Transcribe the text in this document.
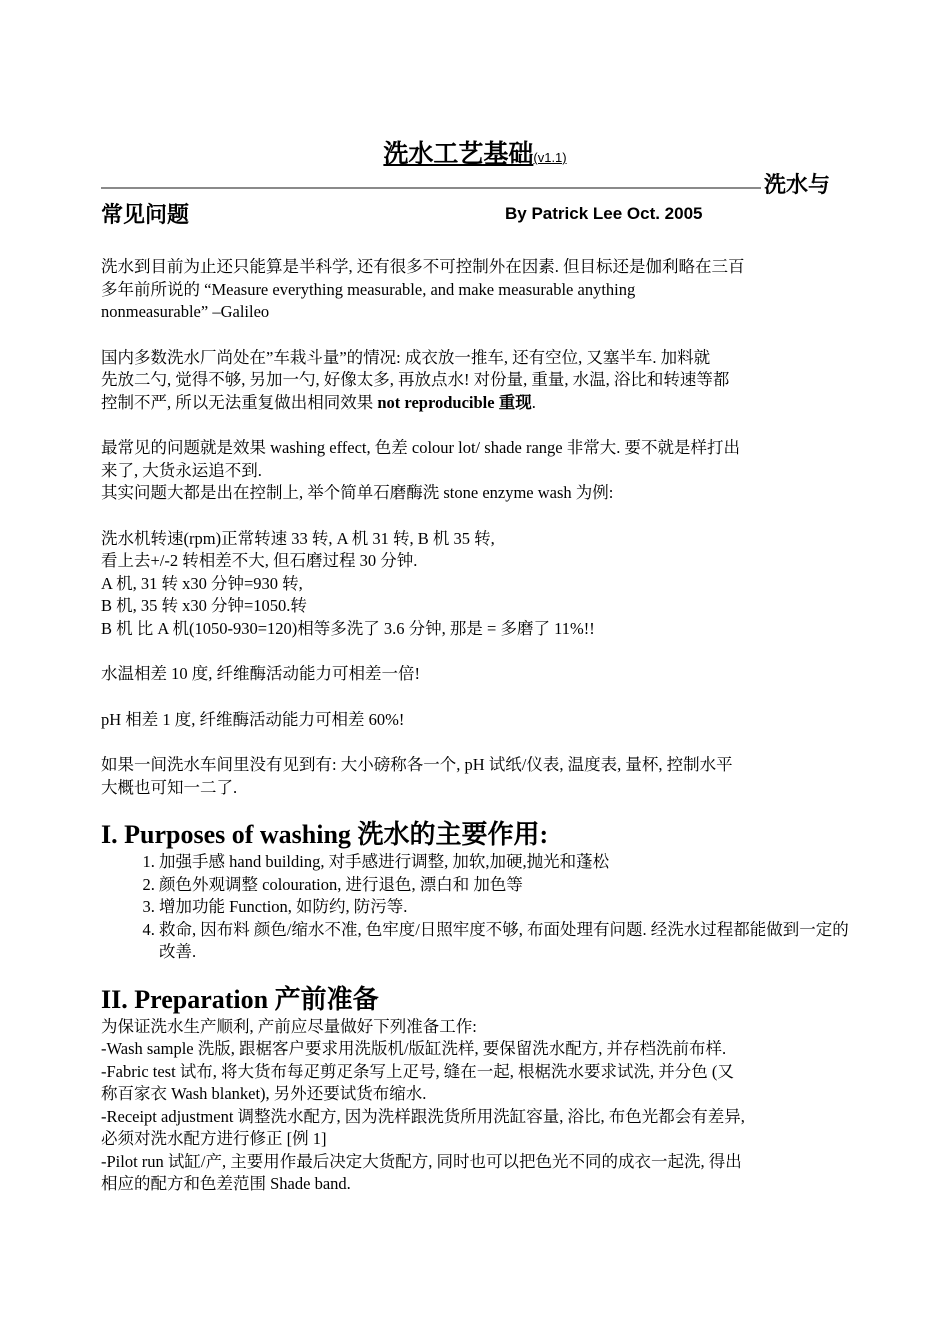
洗水工艺基础(v1.1)
洗水与
常见问题	By Patrick Lee Oct. 2005

洗水到目前为止还只能算是半科学, 还有很多不可控制外在因素. 但目标还是伽利略在三百
多年前所说的 “Measure everything measurable, and make measurable anything
nonmeasurable” –Galileo

国内多数洗水厂尚处在”车栽斗量”的情况: 成衣放一推车, 还有空位, 又塞半车. 加料就
先放二勺, 觉得不够, 另加一勺, 好像太多, 再放点水! 对份量, 重量, 水温, 浴比和转速等都
控制不严, 所以无法重复做出相同效果 not reproducible 重现.

最常见的问题就是效果 washing effect, 色差 colour lot/ shade range 非常大. 要不就是样打出
来了, 大货永运追不到.
其实问题大都是出在控制上, 举个简单石磨酶洗 stone enzyme wash 为例:

洗水机转速(rpm)正常转速 33 转, A 机 31 转, B 机 35 转,
看上去+/-2 转相差不大, 但石磨过程 30 分钟.
A 机, 31 转 x30 分钟=930 转,
B 机, 35 转 x30 分钟=1050.转
B 机 比 A 机(1050-930=120)相等多洗了 3.6 分钟, 那是 = 多磨了 11%!!

水温相差 10 度, 纤维酶活动能力可相差一倍!

pH 相差 1 度, 纤维酶活动能力可相差 60%!

如果一间洗水车间里没有见到有: 大小磅称各一个, pH 试纸/仪表, 温度表, 量杯, 控制水平
大概也可知一二了.

I. Purposes of washing 洗水的主要作用:
1. 加强手感 hand building, 对手感进行调整, 加软,加硬,抛光和蓬松
2. 颜色外观调整 colouration, 进行退色, 漂白和 加色等
3. 增加功能 Function, 如防约, 防污等.
4. 救命, 因布料 颜色/缩水不准, 色牢度/日照牢度不够, 布面处理有问题. 经洗水过程都能做到一定的改善.
II. Preparation 产前准备
为保证洗水生产顺利, 产前应尽量做好下列准备工作:
-Wash sample 洗版, 跟椐客户要求用洗版机/版缸洗样, 要保留洗水配方, 并存档洗前布样.
-Fabric test 试布, 将大货布每疋剪疋条写上疋号, 缝在一起, 根椐洗水要求试洗, 并分色 (又
称百家衣 Wash blanket), 另外还要试货布缩水.
-Receipt adjustment 调整洗水配方, 因为洗样跟洗货所用洗缸容量, 浴比, 布色光都会有差异,
必须对洗水配方进行修正 [例 1]
-Pilot run 试缸/产, 主要用作最后决定大货配方, 同时也可以把色光不同的成衣一起洗, 得出
相应的配方和色差范围 Shade band.
